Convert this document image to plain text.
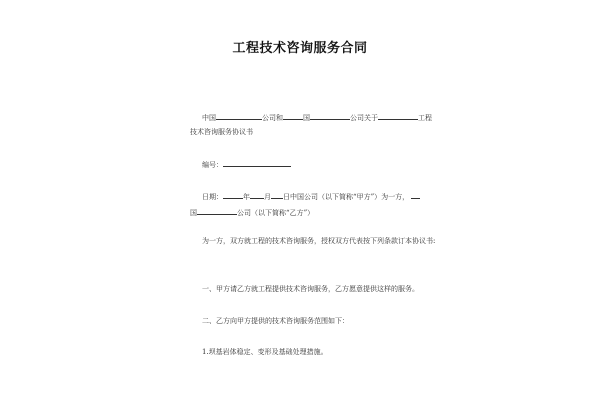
工程技术咨询服务合同
中国	公司和	国	公司关于	工程
技术咨询服务协议书
编号：
日期：	年 月 日中国公司（以下简称“甲方”）为一方，
国	公司（以下简称“乙方”）
为一方，双方就工程的技术咨询服务，授权双方代表按下列条款订本协议书:
一、甲方请乙方就工程提供技术咨询服务，乙方愿意提供这样的服务。
二、乙方向甲方提供的技术咨询服务范围如下：
1.坝基岩体稳定、变形及基础处理措施。
